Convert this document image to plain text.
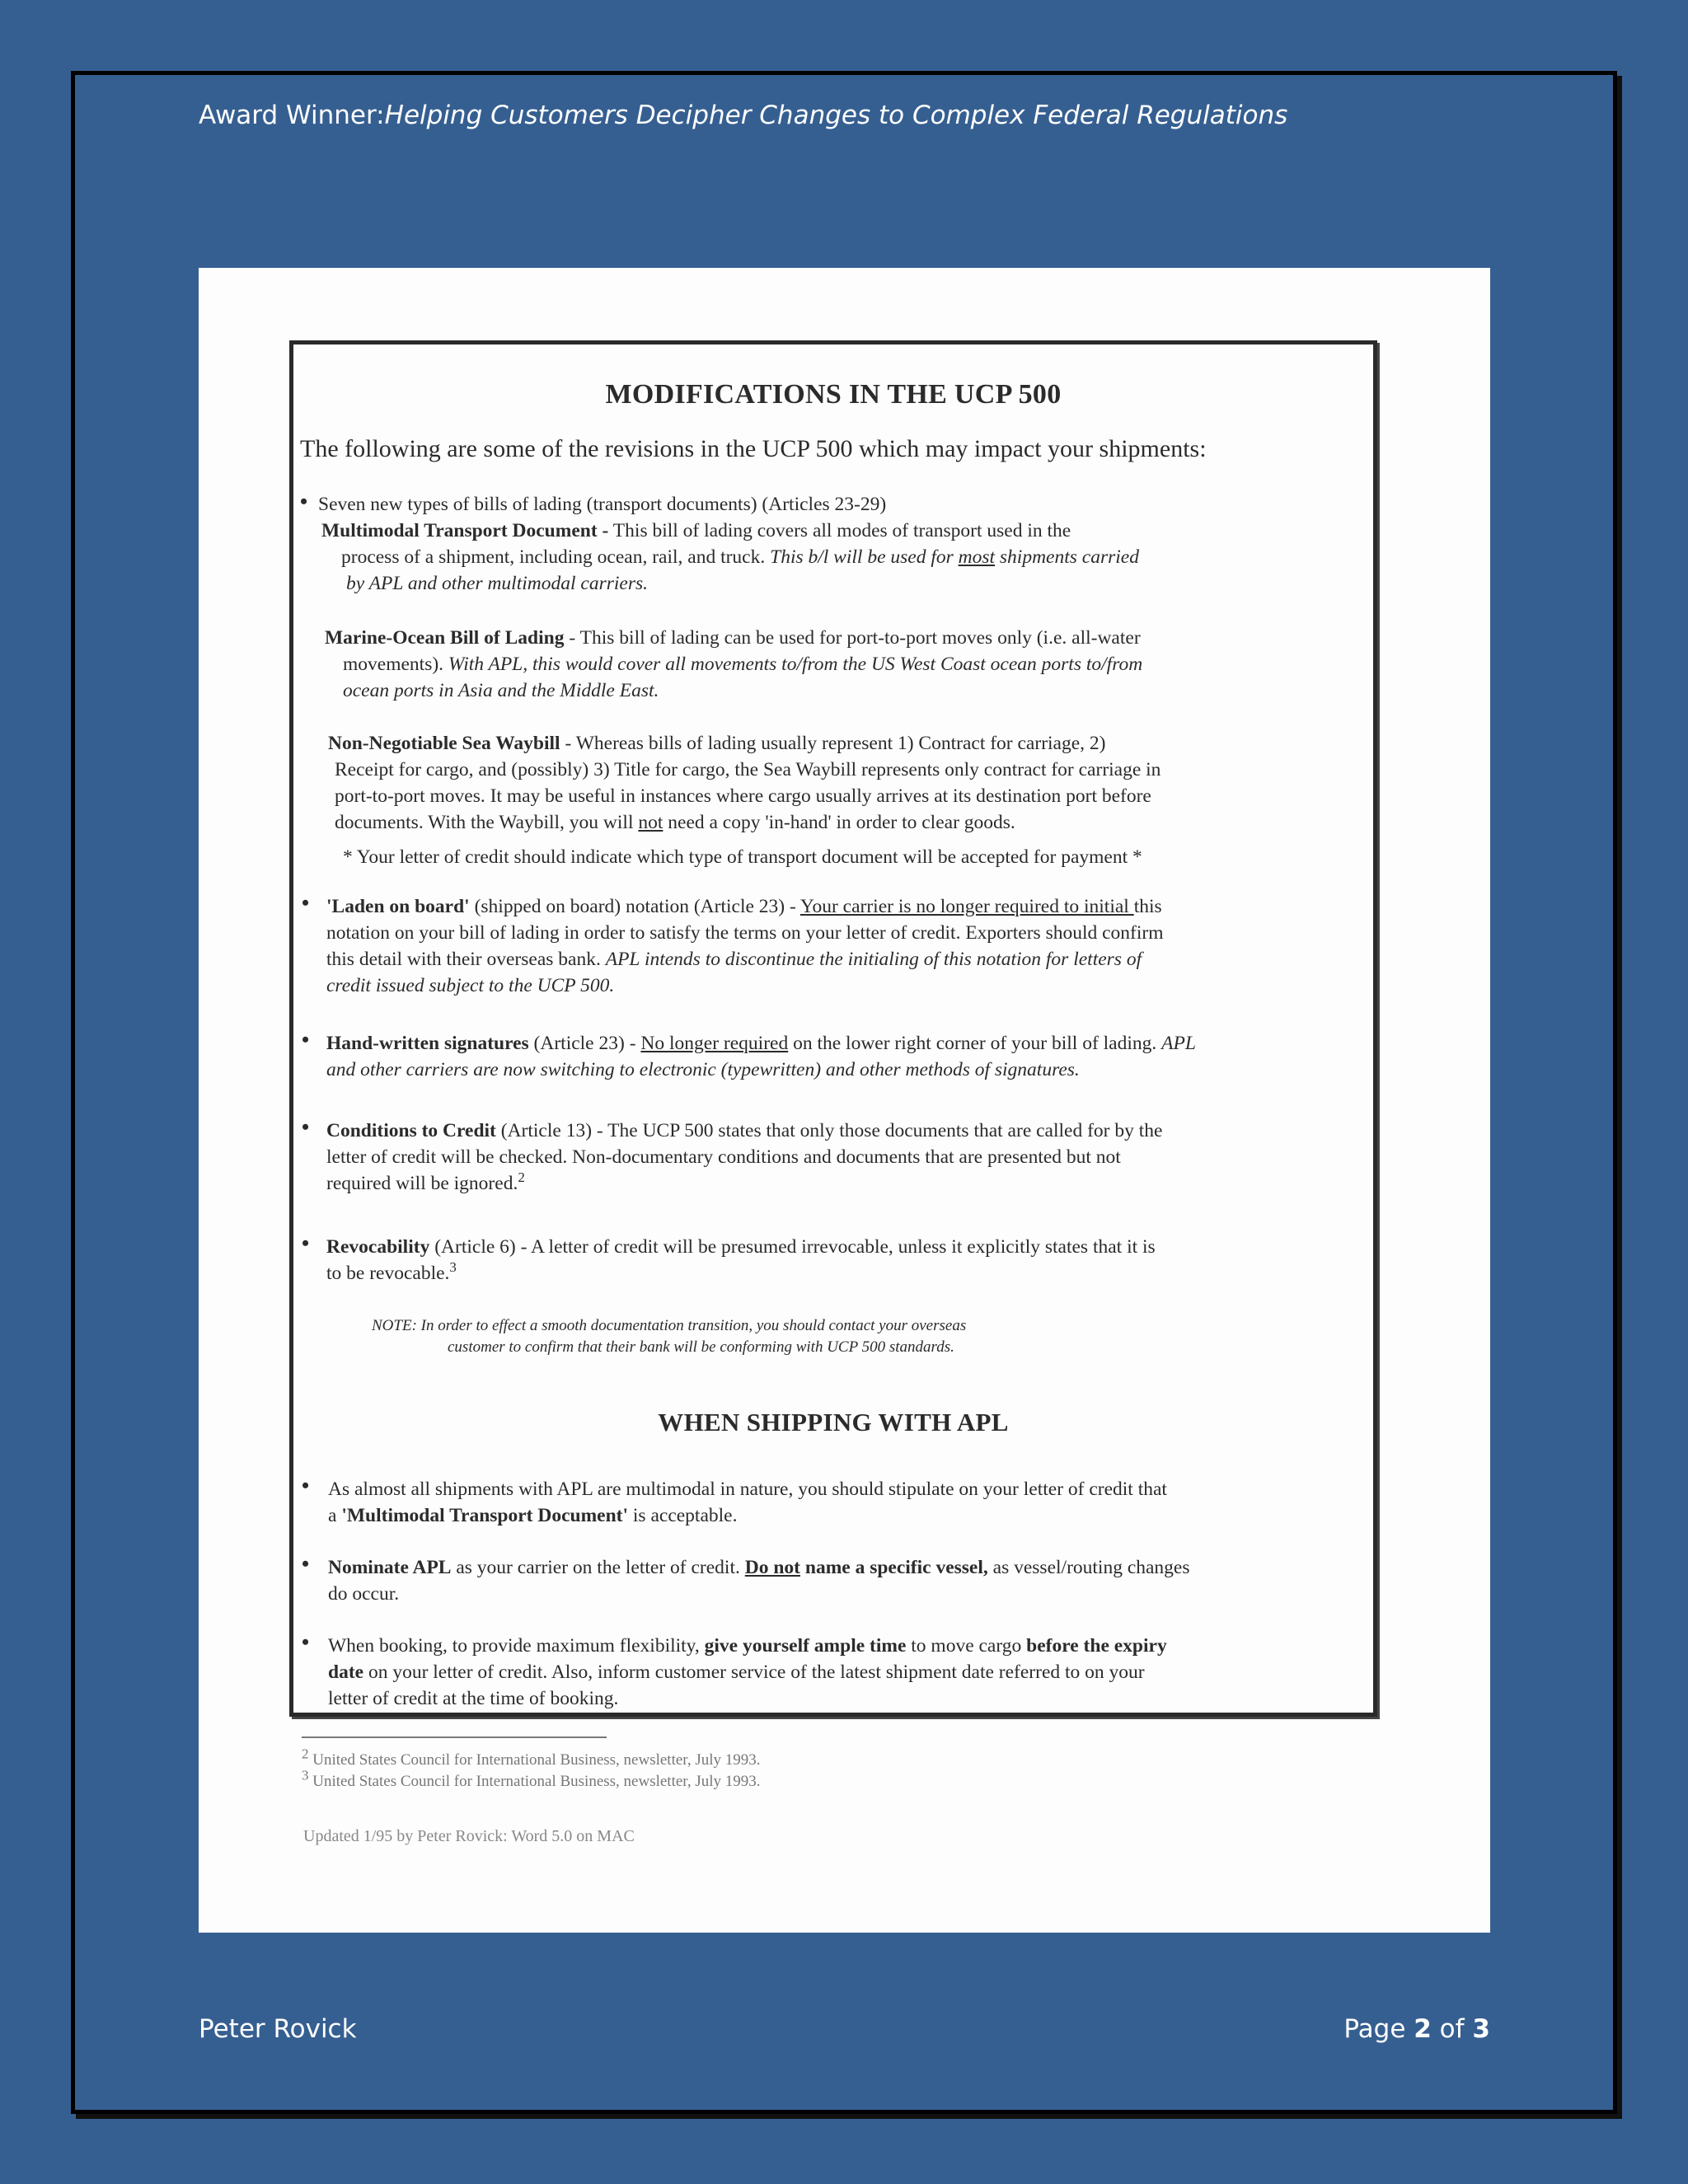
Award Winner:Helping Customers Decipher Changes to Complex Federal Regulations
MODIFICATIONS IN THE UCP 500
The following are some of the revisions in the UCP 500 which may impact your shipments:
• Seven new types of bills of lading (transport documents) (Articles 23-29)
Multimodal Transport Document - This bill of lading covers all modes of transport used in the
process of a shipment, including ocean, rail, and truck. This b/l will be used for most shipments carried
by APL and other multimodal carriers.
Marine-Ocean Bill of Lading - This bill of lading can be used for port-to-port moves only (i.e. all-water
movements). With APL, this would cover all movements to/from the US West Coast ocean ports to/from
ocean ports in Asia and the Middle East.
Non-Negotiable Sea Waybill - Whereas bills of lading usually represent 1) Contract for carriage, 2)
Receipt for cargo, and (possibly) 3) Title for cargo, the Sea Waybill represents only contract for carriage in
port-to-port moves. It may be useful in instances where cargo usually arrives at its destination port before
documents. With the Waybill, you will not need a copy 'in-hand' in order to clear goods.
* Your letter of credit should indicate which type of transport document will be accepted for payment *
• 'Laden on board' (shipped on board) notation (Article 23) - Your carrier is no longer required to initial this
notation on your bill of lading in order to satisfy the terms on your letter of credit. Exporters should confirm
this detail with their overseas bank. APL intends to discontinue the initialing of this notation for letters of
credit issued subject to the UCP 500.
• Hand-written signatures (Article 23) - No longer required on the lower right corner of your bill of lading. APL
and other carriers are now switching to electronic (typewritten) and other methods of signatures.
• Conditions to Credit (Article 13) - The UCP 500 states that only those documents that are called for by the
letter of credit will be checked. Non-documentary conditions and documents that are presented but not
required will be ignored.$^2$
• Revocability (Article 6) - A letter of credit will be presumed irrevocable, unless it explicitly states that it is
to be revocable.$^3$
NOTE: In order to effect a smooth documentation transition, you should contact your overseas
customer to confirm that their bank will be conforming with UCP 500 standards.
WHEN SHIPPING WITH APL
• As almost all shipments with APL are multimodal in nature, you should stipulate on your letter of credit that
a 'Multimodal Transport Document' is acceptable.
• Nominate APL as your carrier on the letter of credit. Do not name a specific vessel, as vessel/routing changes
do occur.
• When booking, to provide maximum flexibility, give yourself ample time to move cargo before the expiry
date on your letter of credit. Also, inform customer service of the latest shipment date referred to on your
letter of credit at the time of booking.
$^2$ United States Council for International Business, newsletter, July 1993.
$^3$ United States Council for International Business, newsletter, July 1993.
Updated 1/95 by Peter Rovick: Word 5.0 on MAC
Peter Rovick	Page 2 of 3
